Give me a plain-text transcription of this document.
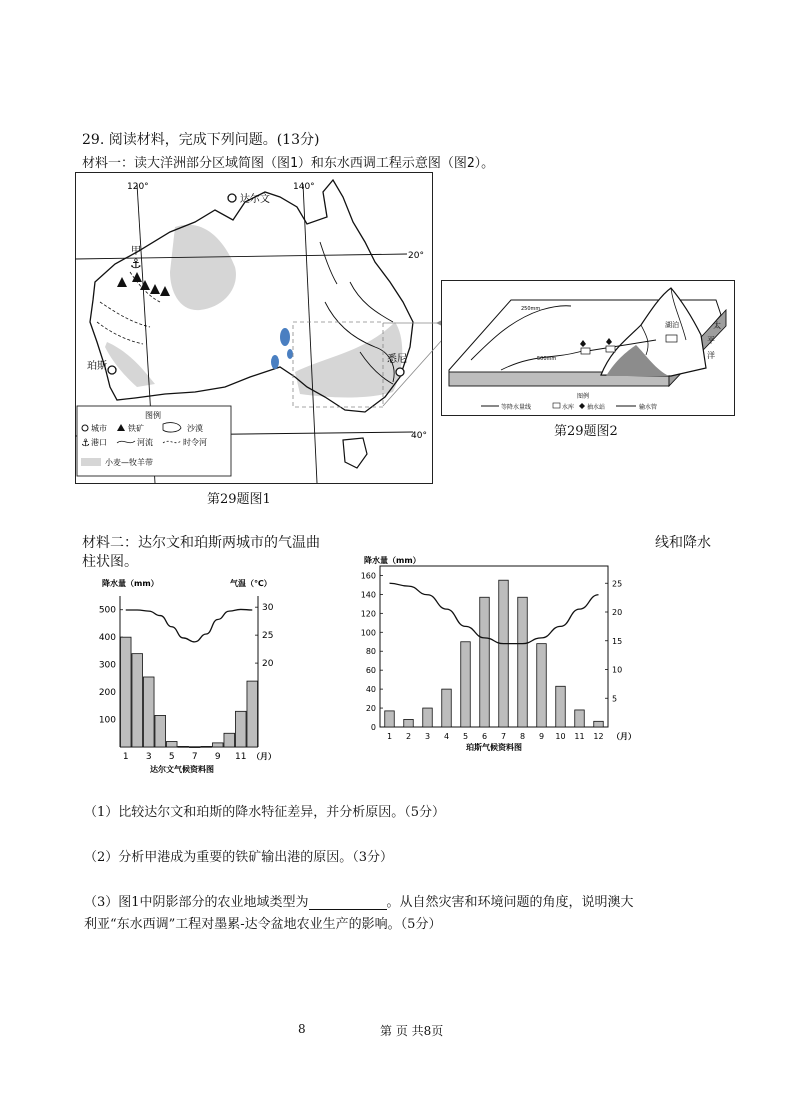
29. 阅读材料，完成下列问题。(13分)
材料一：读大洋洲部分区域简图（图1）和东水西调工程示意图（图2）。
120°	140°
20°
40°
甲
⚓
达尔文
珀斯
悉尼
图例
城市	铁矿	沙漠
⚓ 港口	河流	时令河
小麦—牧羊带
第29题图1
250mm
500mm
湖泊	太
平
洋
图例
等降水量线	水库 抽水站	输水管
第29题图2
材料二：达尔文和珀斯两城市的气温曲	线和降水
柱状图。
降水量（mm）	气温（℃）
（月）
达尔文气候资料图
100
200
300
400
500
20
25
30
1 3 5 7 9 11
降水量（mm）
（月）
珀斯气候资料图
0
20
40
60
80
100
120
140
160
5
10
15
20
25
1 2 3 4 5 6 7 8 9 10 11 12
（1）比较达尔文和珀斯的降水特征差异，并分析原因。（5分）
（2）分析甲港成为重要的铁矿输出港的原因。（3分）
（3）图1中阴影部分的农业地域类型为	。从自然灾害和环境问题的角度，说明澳大
利亚“东水西调”工程对墨累-达令盆地农业生产的影响。（5分）
8	第 页 共8页
